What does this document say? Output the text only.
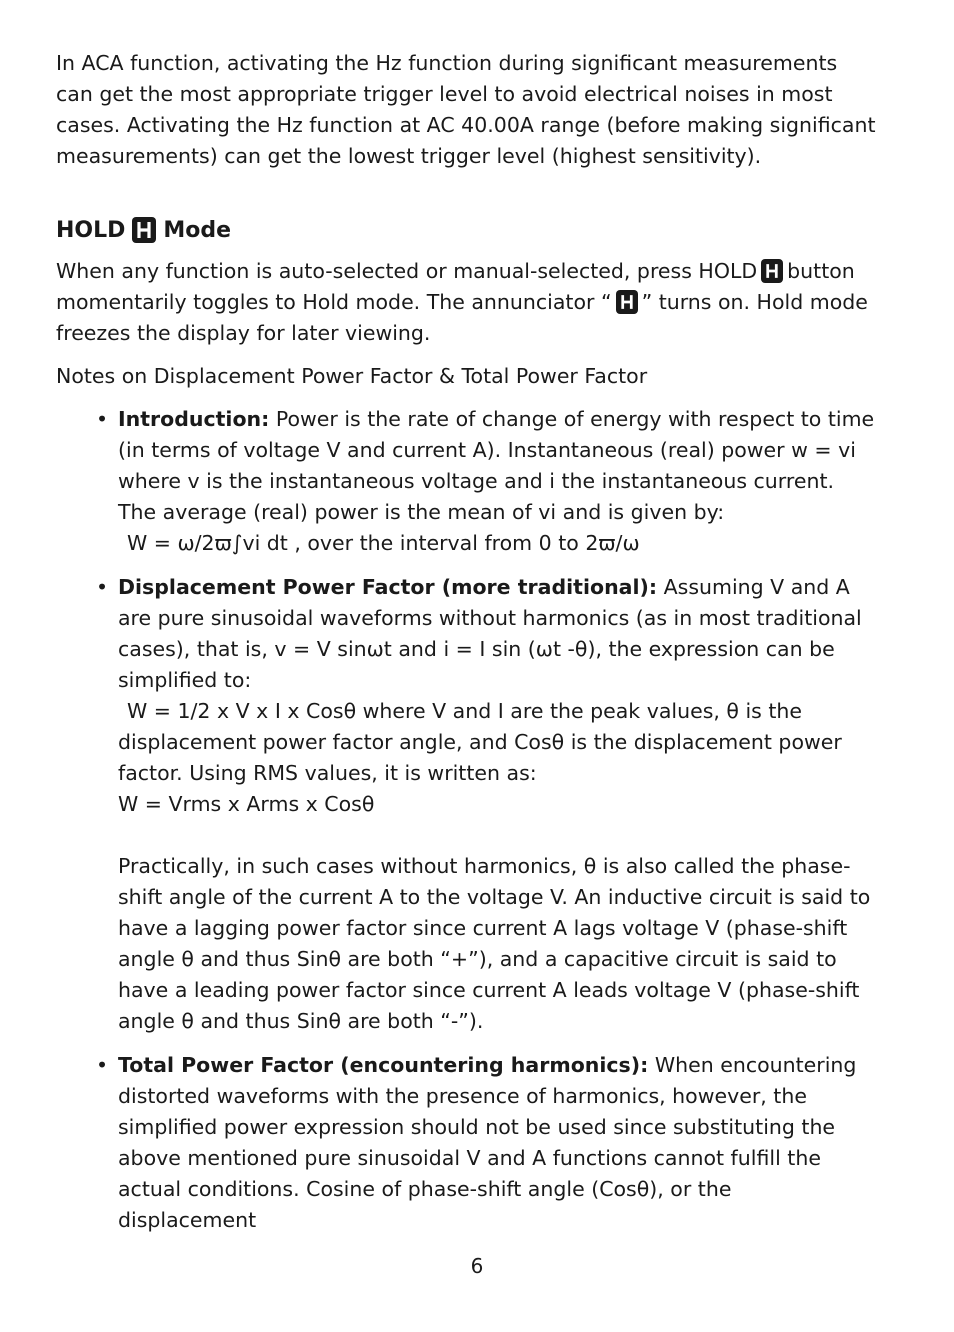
In ACA function, activating the Hz function during significant measurements can get the most appropriate trigger level to avoid electrical noises in most cases. Activating the Hz function at AC 40.00A range (before making significant measurements) can get the lowest trigger level (highest sensitivity).

HOLD Mode

When any function is auto-selected or manual-selected, press HOLD button momentarily toggles to Hold mode. The annunciator “ ” turns on. Hold mode freezes the display for later viewing.

Notes on Displacement Power Factor & Total Power Factor

• Introduction: Power is the rate of change of energy with respect to time (in terms of voltage V and current A). Instantaneous (real) power w = vi where v is the instantaneous voltage and i the instantaneous current. The average (real) power is the mean of vi and is given by:
W = ω/2ϖ∫vi dt , over the interval from 0 to 2ϖ/ω
• Displacement Power Factor (more traditional): Assuming V and A are pure sinusoidal waveforms without harmonics (as in most traditional cases), that is, v = V sinωt and i = I sin (ωt -θ), the expression can be simplified to:
W = 1/2 x V x I x Cosθ where V and I are the peak values, θ is the
displacement power factor angle, and Cosθ is the displacement power factor. Using RMS values, it is written as:
W = Vrms x Arms x Cosθ
Practically, in such cases without harmonics, θ is also called the phase-shift angle of the current A to the voltage V. An inductive circuit is said to have a lagging power factor since current A lags voltage V (phase-shift angle θ and thus Sinθ are both “+”), and a capacitive circuit is said to have a leading power factor since current A leads voltage V (phase-shift angle θ and thus Sinθ are both “-”).
• Total Power Factor (encountering harmonics): When encountering distorted waveforms with the presence of harmonics, however, the simplified power expression should not be used since substituting the above mentioned pure sinusoidal V and A functions cannot fulfill the actual conditions. Cosine of phase-shift angle (Cosθ), or the displacement
6
